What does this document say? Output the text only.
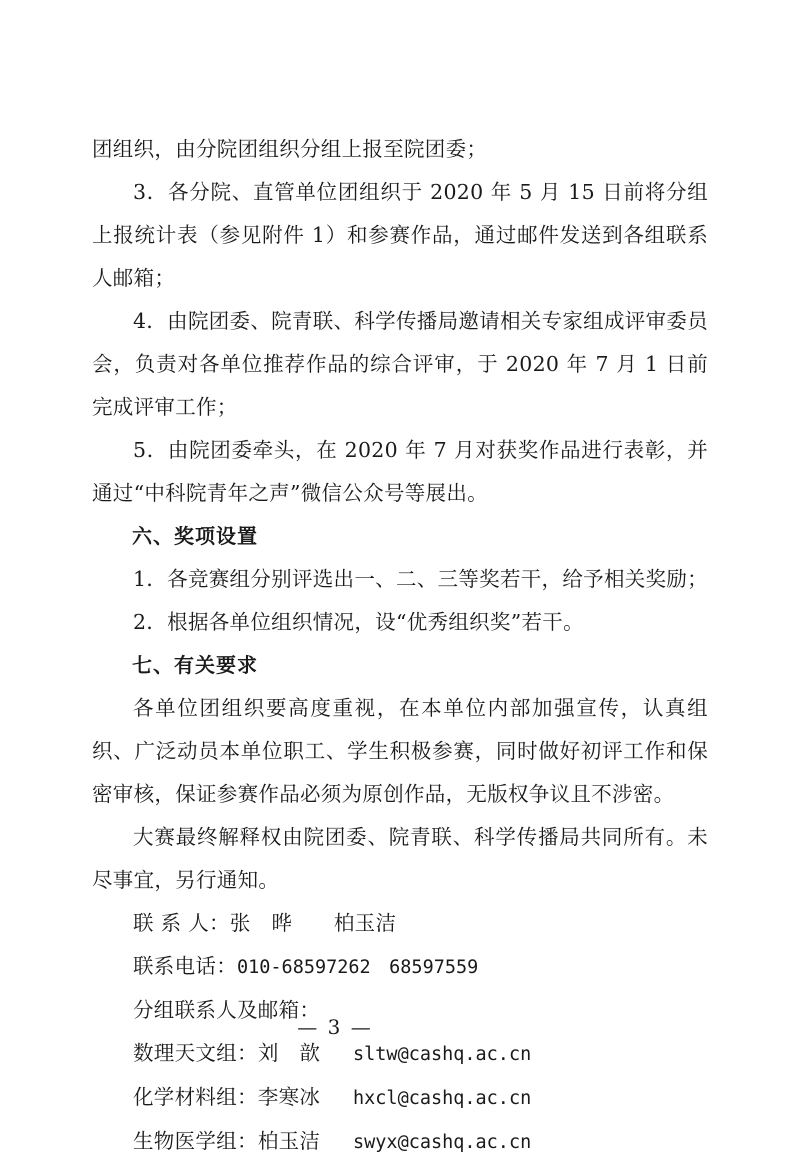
团组织，由分院团组织分组上报至院团委；

3．各分院、直管单位团组织于 2020 年 5 月 15 日前将分组上报统计表（参见附件 1）和参赛作品，通过邮件发送到各组联系人邮箱；

4．由院团委、院青联、科学传播局邀请相关专家组成评审委员会，负责对各单位推荐作品的综合评审，于 2020 年 7 月 1 日前完成评审工作；

5．由院团委牵头，在 2020 年 7 月对获奖作品进行表彰，并通过“中科院青年之声”微信公众号等展出。

六、奖项设置

1．各竞赛组分别评选出一、二、三等奖若干，给予相关奖励；

2．根据各单位组织情况，设“优秀组织奖”若干。

七、有关要求

各单位团组织要高度重视，在本单位内部加强宣传，认真组织、广泛动员本单位职工、学生积极参赛，同时做好初评工作和保密审核，保证参赛作品必须为原创作品，无版权争议且不涉密。

大赛最终解释权由院团委、院青联、科学传播局共同所有。未尽事宜，另行通知。

联 系 人：张　晔　　柏玉洁

联系电话：010-68597262　68597559

分组联系人及邮箱：

数理天文组：刘　歆 sltw@cashq.ac.cn

化学材料组：李寒冰 hxcl@cashq.ac.cn

生物医学组：柏玉洁 swyx@cashq.ac.cn

— 3 —
